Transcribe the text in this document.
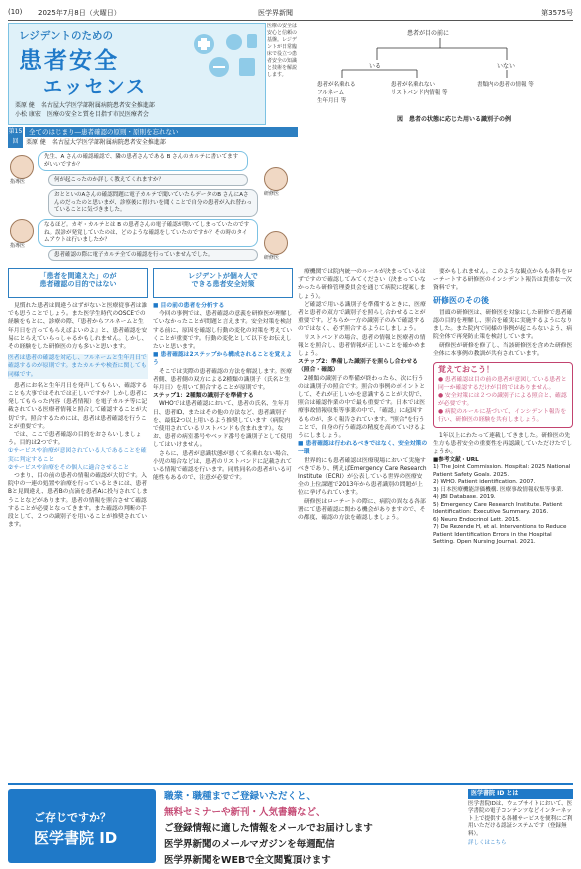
(10) 2025年7月8日（火曜日）	医学界新聞	第3575号
レジデントのための
患者安全
エッセンス
栗原 健　名古屋大学医学部附属病院患者安全推進部
小松 康宏　医療の安全と質を目指す市民医療者会
医療の安全は安心と信頼の基盤。レジデントが日常臨床で役立つ患者安全の知識と技術を解説します。
第15回
全てのはじまり―患者確認の原則・原則を忘れない
栗原 健　名古屋大学医学部附属病院患者安全推進部
指導医
先生、A さんの確認確認で、隣の患者さんである B さんのカルテに書いてますがいいですか？
何が起こったのか詳しく教えてくれますか？
研修医
おとといのAさんの確認問題に電子カルテで聞いていたらデータのB さんにAさんのだったのと思いまが、診察後に胃けいを聞くことで自分の患者が入れ替わっていることに気づきました。
指導医
なるほど。カギ・カルテとは B の患者さんの電子確認が開いてしまっていたのですね。誤診が発覚していたのは、どのような確認をしていたのですか？その時のタイムアウトは行いましたか？
研修医
患者確認の際に電子カルテ全ての確認を行っていませんでした。
患者が目の前に
いる	いない
患者が名乗れる
フルネーム
生年月日 等
患者が名乗れない
リストバンド内情報 等
書類内の患者の情報 等
図　患者の状態に応じた用いる識別子の例
「患者を間違えた」のが
患者確認の目的ではない

見慣れた患者は間違うはずがないと医療従事者は誰でも思うことでしょう。また医学生時代のOSCEでの経験をもとに、診療の際、『患者からフルネームと生年月日を言ってもらえばよいのよ』と、患者確認を安易にとらえていらっしゃるかもしれません。しかし、その経験をした研修医の方も多いと思います。

医者は患者の確認を対応し、フルネームと生年月日で確認するのが原則です。またカルテや検査に関しても同様です。

患者にお名と生年月日を発声してもらい、確認することも大事ではそれでは正しいですか？しかし患者に発してもらった内容（患者情報）を電子カルテ等に記載されている医療者情報と照合して確認することが大切です。照合するためには、患者は患者確認を行うことが重要です。

では、ここで患者確認の目的をおさらいしましょう。目的は2つです。

①サービスや治療が意図されている人であることを確実に判定すること

②サービスや治療をその個人に適合させること

つまり、目の前の患者の情報の確認が大切です。入院中の一連の処置や治療を行っているときには、患者Bと見間違え、患者Bの点滴を患者Aに投与されてしまうことなどがあります。患者の情報を照合させて確認することが必要となってきます。また確認の判断の手段として、２つの識別子を用いることが推奨されています。

レジデントが個々人で
できる患者安全対策
■ 目の前の患者を分析する

今回の事例では、患者確認の意義を研修医が理解していなかったことが問題と言えます。安全対策を検討する前に、原因を確認し行動の変化の対策を考えていくことが重要です。行動の変化として以下をお伝えしたいと思います。

■ 患者確認は2ステップから構成されることを覚えよう

そこでは実際の患者確認の方法を解説します。医療者側、患者側の双方による2種類の識別子（氏名と生年月日）を用いて照合することが原則です。

ステップ1：2種類の識別子を準備する

WHOでは患者確認において、患者の氏名、生年月日、患者ID、またはその他の方法など、患者識別子を、最低2つ以上用いるよう推奨しています（病院内で使用されているリストバンドも含まれます）。なお、患者の病室番号やベッド番号を識別子として使用してはいけません。

さらに、患者が意識状態が悪くて名乗れない場合、小児の場合などは、患者のリストバンドに記載されている情報で確認を行います。同姓同名の患者がいる可能性もあるので、注意が必要です。

療機関では院内統一のルールが決まっているはずですので確認してみてください（決まっていなかったら研修管理委員会を通じて病院に提案しましょう）。

ど確認で用いる識別子を準備するときに、医療者と患者の双方で識別子を照らし合わせることが重要です。どちらか一方の識別子のみで確認するのではなく、必ず照合するようにしましょう。

リストバンドの場合、患者の情報と医療者の情報とを照合し、患者情報が正しいことを確かめましょう。

ステップ2：準備した識別子を照らし合わせる（照合・確認）

2種類の識別子の準備が終わったら、次に行うのは識別子の照合です。照合の事例のポイントとして、それが正しいかを意識することが大切で、照合は確認作業の中で最も重要です。日本では医療事故情報収集等事業の中で、「確認」に起因するものが、多く報告されています。"照合"を行うことで、自身の行う確認の精度を高めていけるようにしましょう。

■ 患者確認は行われるべきではなく、安全対策の一環

世界的にも患者確認は医療現場において実施すべきであり、例えばEmergency Care Research Institute（ECRI）が公表している世界の医療安全の上位課題で2013年から患者識別の問題が上位に挙げられています。

研修医はローテートの際に、病院の異なる各部署にて患者確認に関わる機会がありますので、その都度、確認の方法を確認しましょう。

要かもしれません。このような観点からも各科をローテートする研修医のインシデント報告は貴重な一次資料です。

研修医のその後

冒頭の研修医は、研修医を対象にした研修で患者確認の目的を理解し、照合を確実に実施するようになりました。また院内で同様の事例が起こらないよう、病院全体で再発防止策を検討しています。

研修医が研修を修了し、当該研修医を含めた研修医全体に本事例の教訓が共有されています。

覚えておこう！
● 患者確認は目の前の患者が意図している患者と同一か確認するだけが目的ではありません。
● 安全対策には２つの識別子による照合と、確認が必要です。
● 病院のルールに基づいて、インシデント報告を行い、研修医の経験を共有しましょう。

1年以上にわたって連載してきました。研修医の先生方も患者安全の重要性を再認識していただけたでしょうか。

■参考文献・URL
1) The Joint Commission. Hospital: 2025 National Patient Safety Goals. 2025.
2) WHO. Patient identification. 2007.
3) 日本医療機能評価機構. 医療事故情報収集等事業.
4) JBI Database. 2019.
5) Emergency Care Research Institute. Patient Identification: Executive Summary. 2016.
6) Neuro Endocrinol Lett. 2015.
7) De Rezende H, et al. Interventions to Reduce Patient Identification Errors in the Hospital Setting. Open Nursing Journal. 2021.
ご存じですか？
医学書院 ID
職業・職種までご登録いただくと、
無料セミナーや新刊・人気書籍など、
ご登録情報に適した情報をメールでお届けします
医学界新聞のメールマガジンを毎週配信
医学界新聞をWEBで全文閲覧頂けます
医学書院 ID とは
医学書院IDは、ウェブサイトにおいて、医学書院の電子コンテンツなどインターネット上で提供する各種サービスを便利にご利用いただける認証システムです（登録無料）。
詳しくはこちら
